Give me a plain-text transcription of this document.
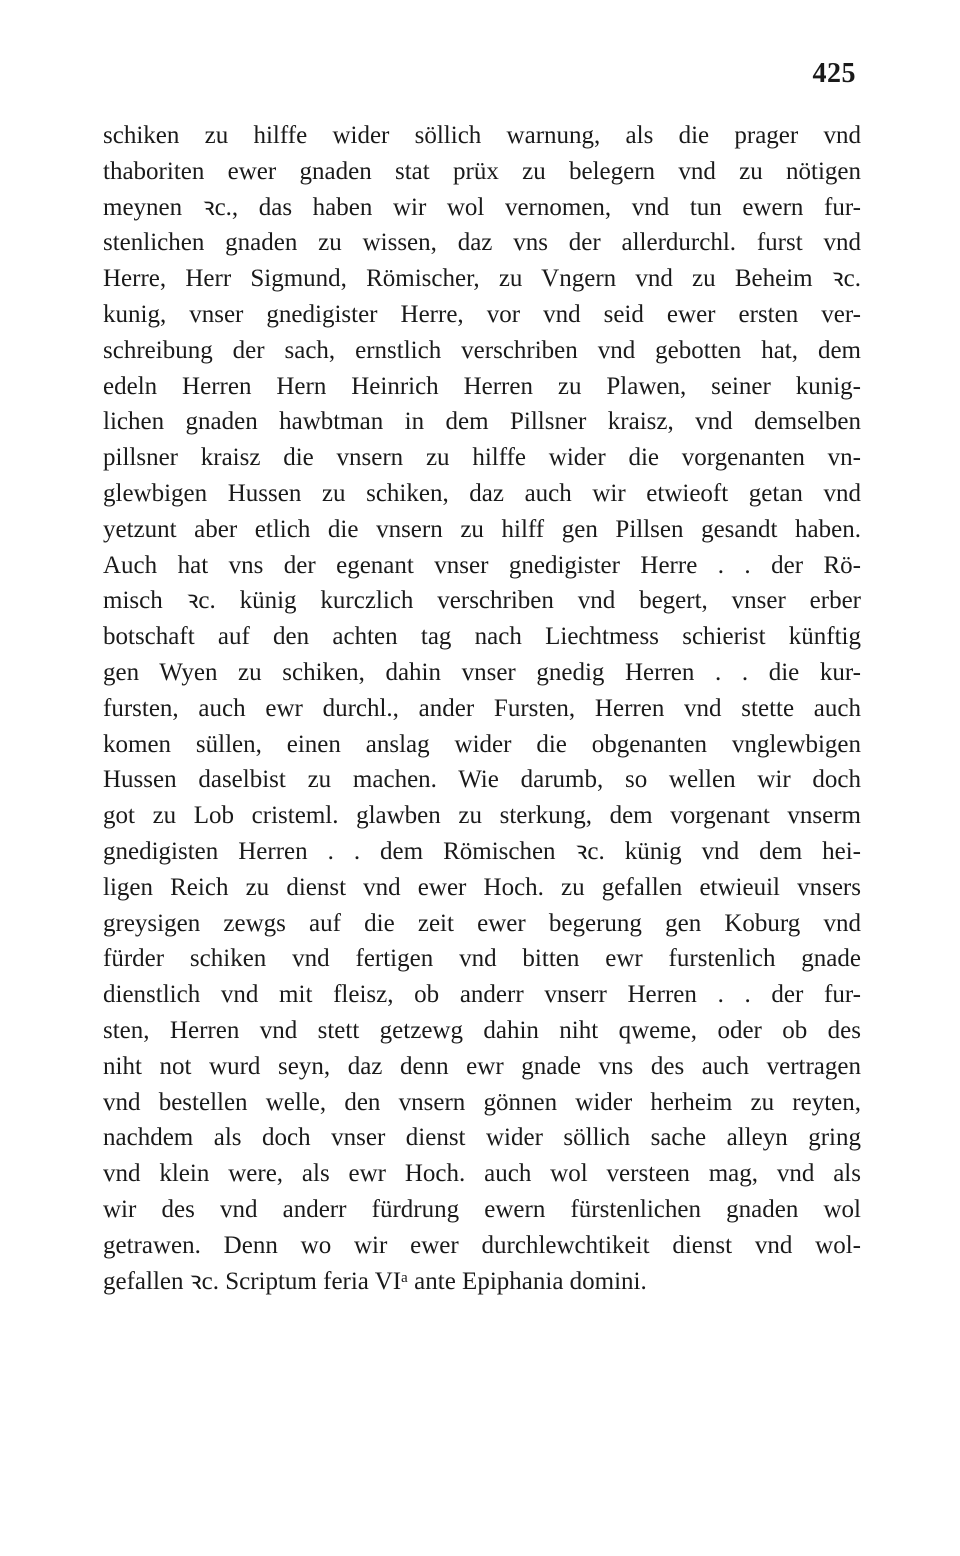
425
schiken zu hilffe wider söllich warnung, als die prager vnd
thaboriten ewer gnaden stat prüx zu belegern vnd zu nötigen
meynen ꝛc., das haben wir wol vernomen, vnd tun ewern fur-
stenlichen gnaden zu wissen, daz vns der allerdurchl. furst vnd
Herre, Herr Sigmund, Römischer, zu Vngern vnd zu Beheim ꝛc.
kunig, vnser gnedigister Herre, vor vnd seid ewer ersten ver-
schreibung der sach, ernstlich verschriben vnd gebotten hat, dem
edeln Herren Hern Heinrich Herren zu Plawen, seiner kunig-
lichen gnaden hawbtman in dem Pillsner kraisz, vnd demselben
pillsner kraisz die vnsern zu hilffe wider die vorgenanten vn-
glewbigen Hussen zu schiken, daz auch wir etwieoft getan vnd
yetzunt aber etlich die vnsern zu hilff gen Pillsen gesandt haben.
Auch hat vns der egenant vnser gnedigister Herre . . der Rö-
misch ꝛc. künig kurczlich verschriben vnd begert, vnser erber
botschaft auf den achten tag nach Liechtmess schierist künftig
gen Wyen zu schiken, dahin vnser gnedig Herren . . die kur-
fursten, auch ewr durchl., ander Fursten, Herren vnd stette auch
komen süllen, einen anslag wider die obgenanten vnglewbigen
Hussen daselbist zu machen. Wie darumb, so wellen wir doch
got zu Lob cristeml. glawben zu sterkung, dem vorgenant vnserm
gnedigisten Herren . . dem Römischen ꝛc. künig vnd dem hei-
ligen Reich zu dienst vnd ewer Hoch. zu gefallen etwieuil vnsers
greysigen zewgs auf die zeit ewer begerung gen Koburg vnd
fürder schiken vnd fertigen vnd bitten ewr furstenlich gnade
dienstlich vnd mit fleisz, ob anderr vnserr Herren . . der fur-
sten, Herren vnd stett getzewg dahin niht qweme, oder ob des
niht not wurd seyn, daz denn ewr gnade vns des auch vertragen
vnd bestellen welle, den vnsern gönnen wider herheim zu reyten,
nachdem als doch vnser dienst wider söllich sache alleyn gring
vnd klein were, als ewr Hoch. auch wol versteen mag, vnd als
wir des vnd anderr fürdrung ewern fürstenlichen gnaden wol
getrawen. Denn wo wir ewer durchlewchtikeit dienst vnd wol-
gefallen ꝛc. Scriptum feria VIᵃ ante Epiphania domini.
